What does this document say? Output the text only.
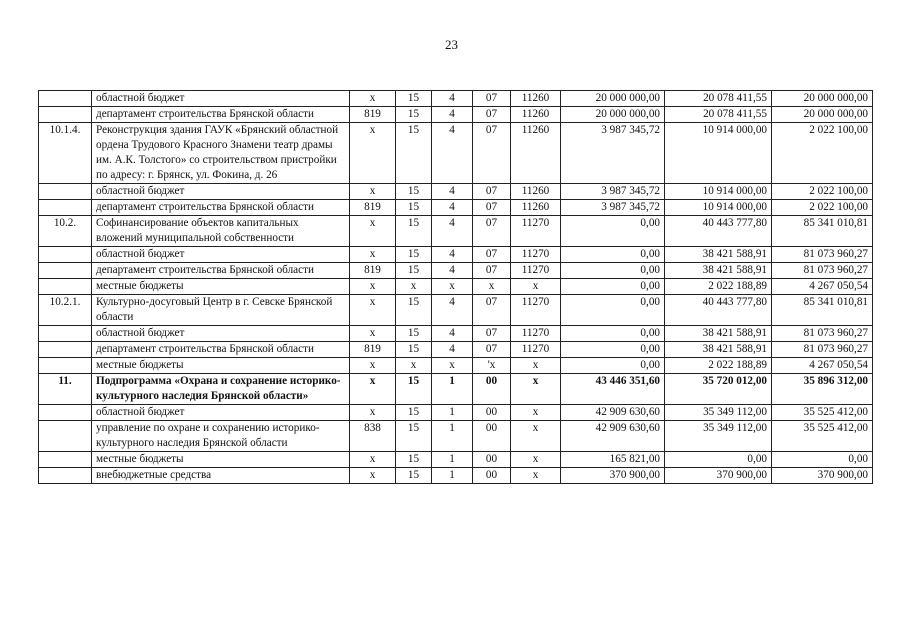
23
	областной бюджет	x	15	4	07	11260	20 000 000,00	20 078 411,55	20 000 000,00
	департамент строительства Брянской области	819	15	4	07	11260	20 000 000,00	20 078 411,55	20 000 000,00
10.1.4.	Реконструкция здания ГАУК «Брянский областной ордена Трудового Красного Знамени театр драмы им. А.К. Толстого» со строительством пристройки по адресу: г. Брянск, ул. Фокина, д. 26	x	15	4	07	11260	3 987 345,72	10 914 000,00	2 022 100,00
	областной бюджет	x	15	4	07	11260	3 987 345,72	10 914 000,00	2 022 100,00
	департамент строительства Брянской области	819	15	4	07	11260	3 987 345,72	10 914 000,00	2 022 100,00
10.2.	Софинансирование объектов капитальных вложений муниципальной собственности	x	15	4	07	11270	0,00	40 443 777,80	85 341 010,81
	областной бюджет	x	15	4	07	11270	0,00	38 421 588,91	81 073 960,27
	департамент строительства Брянской области	819	15	4	07	11270	0,00	38 421 588,91	81 073 960,27
	местные бюджеты	x	x	x	x	x	0,00	2 022 188,89	4 267 050,54
10.2.1.	Культурно-досуговый Центр в г. Севске Брянской области	x	15	4	07	11270	0,00	40 443 777,80	85 341 010,81
	областной бюджет	x	15	4	07	11270	0,00	38 421 588,91	81 073 960,27
	департамент строительства Брянской области	819	15	4	07	11270	0,00	38 421 588,91	81 073 960,27
	местные бюджеты	x	x	x	'x	x	0,00	2 022 188,89	4 267 050,54
11.	Подпрограмма «Охрана и сохранение историко-культурного наследия Брянской области»	x	15	1	00	x	43 446 351,60	35 720 012,00	35 896 312,00
	областной бюджет	x	15	1	00	x	42 909 630,60	35 349 112,00	35 525 412,00
	управление по охране и сохранению историко-культурного наследия Брянской области	838	15	1	00	x	42 909 630,60	35 349 112,00	35 525 412,00
	местные бюджеты	x	15	1	00	x	165 821,00	0,00	0,00
	внебюджетные средства	x	15	1	00	x	370 900,00	370 900,00	370 900,00
